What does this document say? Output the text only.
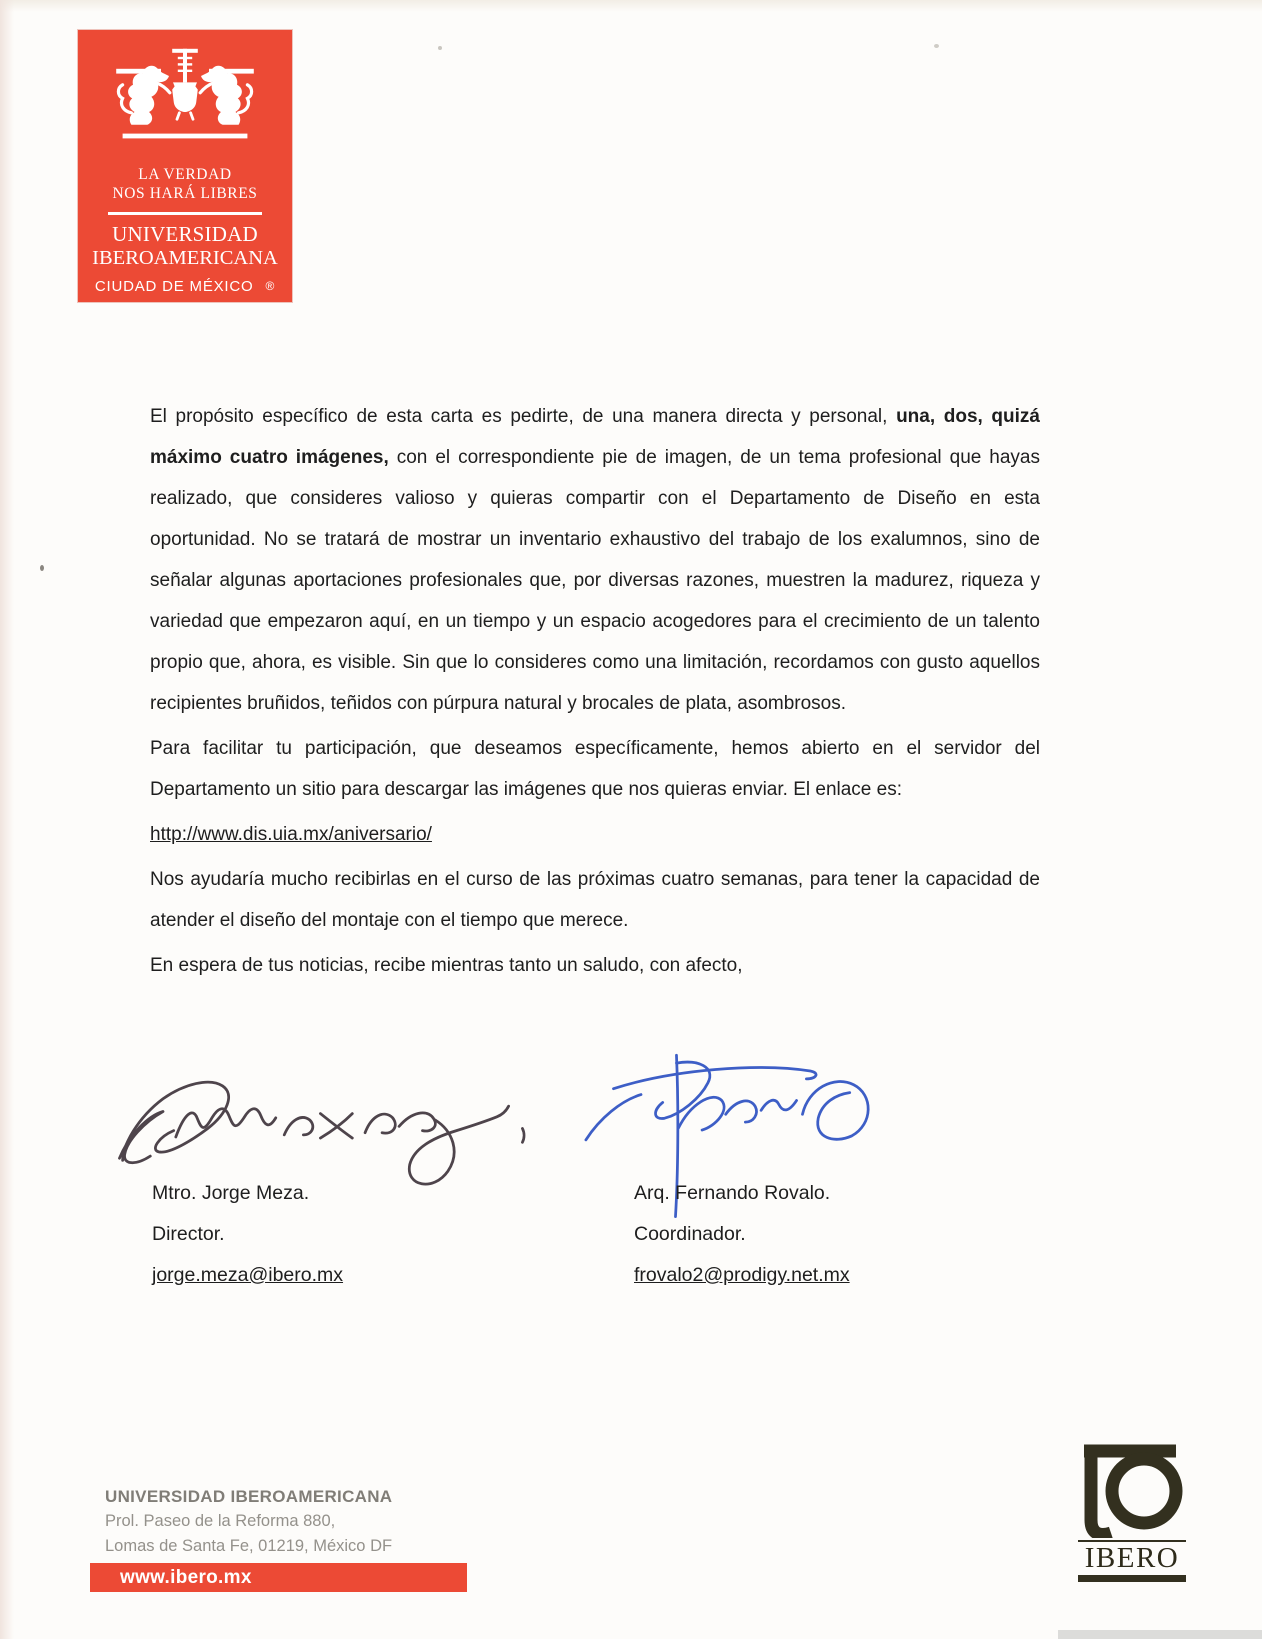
LA VERDAD
NOS HARÁ LIBRES
UNIVERSIDAD
IBEROAMERICANA
CIUDAD DE MÉXICO ®

El propósito específico de esta carta es pedirte, de una manera directa y personal, una, dos, quizá máximo cuatro imágenes, con el correspondiente pie de imagen, de un tema profesional que hayas realizado, que consideres valioso y quieras compartir con el Departamento de Diseño en esta oportunidad. No se tratará de mostrar un inventario exhaustivo del trabajo de los exalumnos, sino de señalar algunas aportaciones profesionales que, por diversas razones, muestren la madurez, riqueza y variedad que empezaron aquí, en un tiempo y un espacio acogedores para el crecimiento de un talento propio que, ahora, es visible. Sin que lo consideres como una limitación, recordamos con gusto aquellos recipientes bruñidos, teñidos con púrpura natural y brocales de plata, asombrosos.

Para facilitar tu participación, que deseamos específicamente, hemos abierto en el servidor del Departamento un sitio para descargar las imágenes que nos quieras enviar. El enlace es:

http://www.dis.uia.mx/aniversario/

Nos ayudaría mucho recibirlas en el curso de las próximas cuatro semanas, para tener la capacidad de atender el diseño del montaje con el tiempo que merece.

En espera de tus noticias, recibe mientras tanto un saludo, con afecto,

Mtro. Jorge Meza.
Director.
jorge.meza@ibero.mx
Arq. Fernando Rovalo.
Coordinador.
frovalo2@prodigy.net.mx
UNIVERSIDAD IBEROAMERICANA
Prol. Paseo de la Reforma 880,
Lomas de Santa Fe, 01219, México DF
www.ibero.mx
IBERO
